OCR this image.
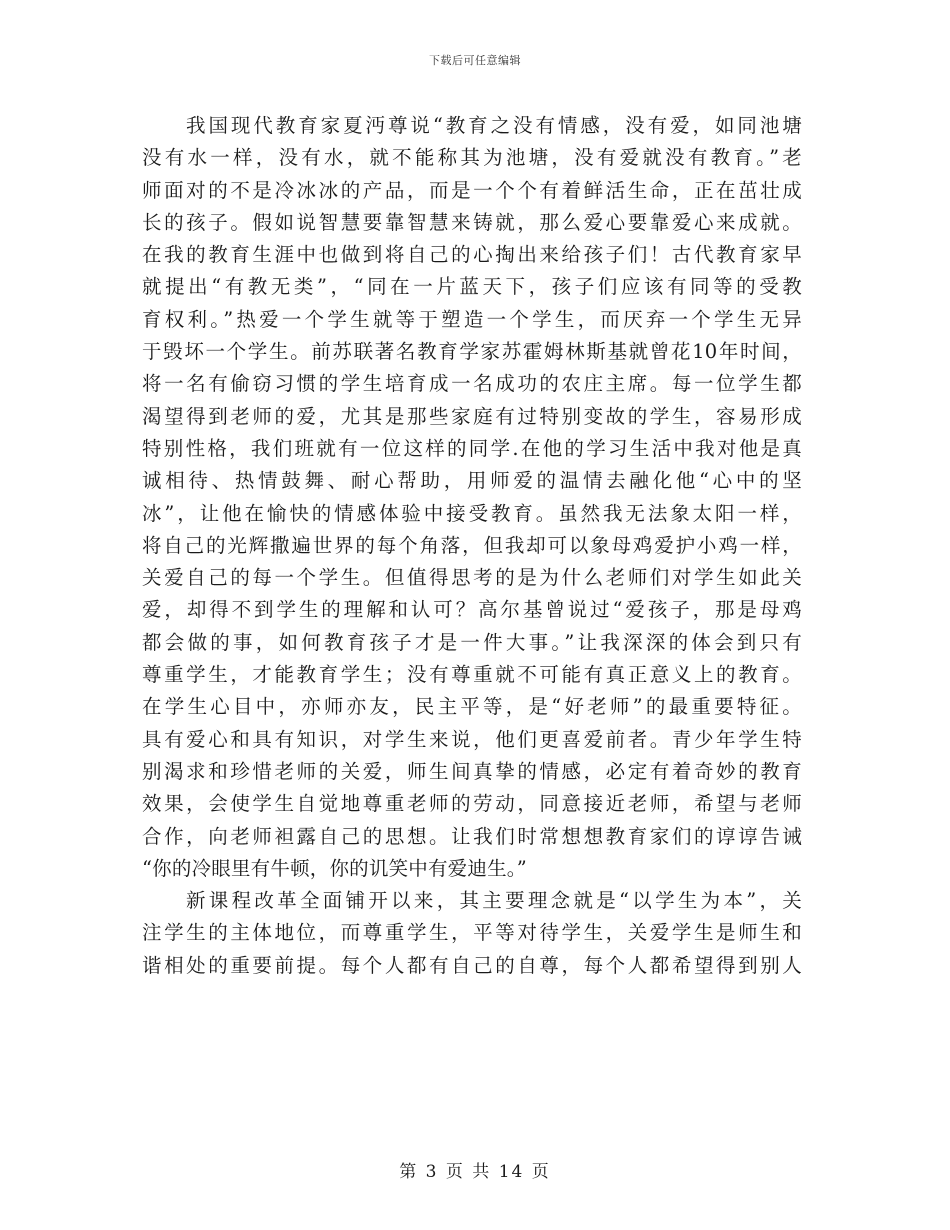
下载后可任意编辑
我国现代教育家夏沔尊说“教育之没有情感，没有爱，如同池塘
没有水一样，没有水，就不能称其为池塘，没有爱就没有教育。”老
师面对的不是冷冰冰的产品，而是一个个有着鲜活生命，正在茁壮成
长的孩子。假如说智慧要靠智慧来铸就，那么爱心要靠爱心来成就。
在我的教育生涯中也做到将自己的心掏出来给孩子们！古代教育家早
就提出“有教无类”，“同在一片蓝天下，孩子们应该有同等的受教
育权利。”热爱一个学生就等于塑造一个学生，而厌弃一个学生无异
于毁坏一个学生。前苏联著名教育学家苏霍姆林斯基就曾花10年时间，
将一名有偷窃习惯的学生培育成一名成功的农庄主席。每一位学生都
渴望得到老师的爱，尤其是那些家庭有过特别变故的学生，容易形成
特别性格，我们班就有一位这样的同学.在他的学习生活中我对他是真
诚相待、热情鼓舞、耐心帮助，用师爱的温情去融化他“心中的坚
冰”，让他在愉快的情感体验中接受教育。虽然我无法象太阳一样，
将自己的光辉撒遍世界的每个角落，但我却可以象母鸡爱护小鸡一样，
关爱自己的每一个学生。但值得思考的是为什么老师们对学生如此关
爱，却得不到学生的理解和认可？高尔基曾说过“爱孩子，那是母鸡
都会做的事，如何教育孩子才是一件大事。”让我深深的体会到只有
尊重学生，才能教育学生；没有尊重就不可能有真正意义上的教育。
在学生心目中，亦师亦友，民主平等，是“好老师”的最重要特征。
具有爱心和具有知识，对学生来说，他们更喜爱前者。青少年学生特
别渴求和珍惜老师的关爱，师生间真挚的情感，必定有着奇妙的教育
效果，会使学生自觉地尊重老师的劳动，同意接近老师，希望与老师
合作，向老师袒露自己的思想。让我们时常想想教育家们的谆谆告诫
“你的冷眼里有牛顿，你的讥笑中有爱迪生。”
新课程改革全面铺开以来，其主要理念就是“以学生为本”，关
注学生的主体地位，而尊重学生，平等对待学生，关爱学生是师生和
谐相处的重要前提。每个人都有自己的自尊，每个人都希望得到别人
第 3 页 共 14 页
